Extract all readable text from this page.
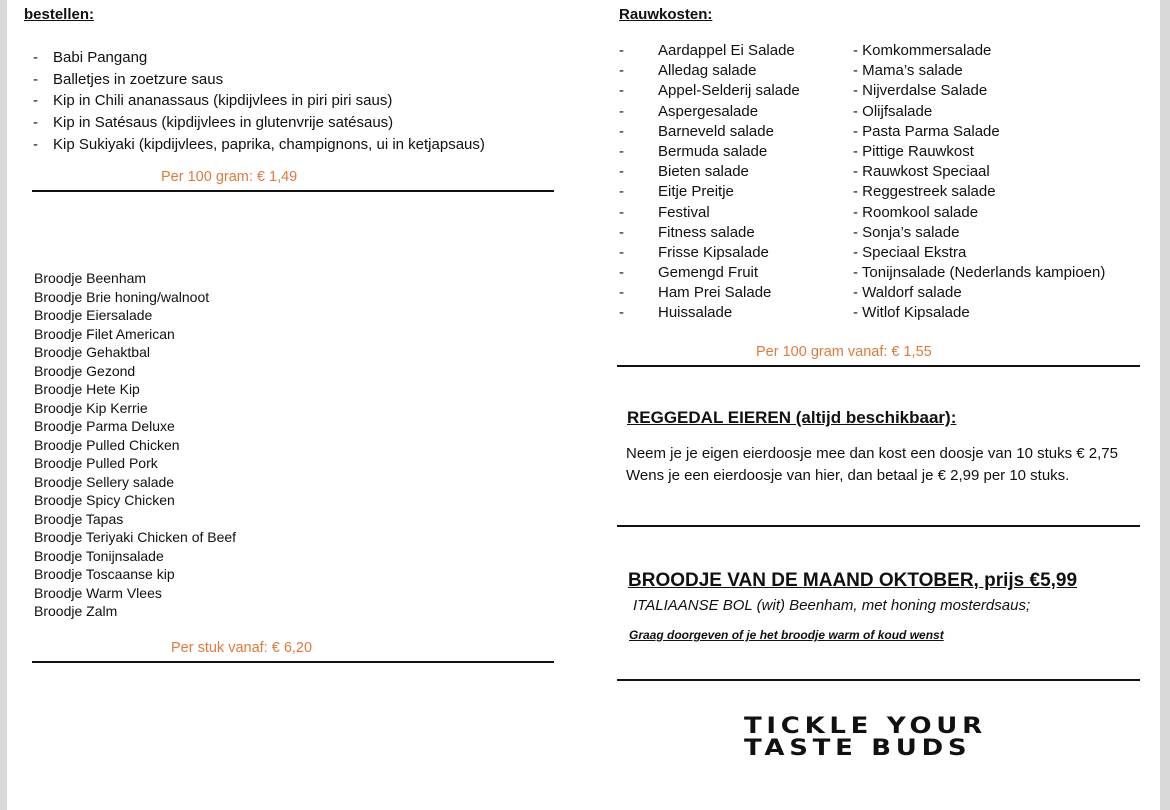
bestellen:
- Babi Pangang
- Balletjes in zoetzure saus
- Kip in Chili ananassaus (kipdijvlees in piri piri saus)
- Kip in Satésaus (kipdijvlees in glutenvrije satésaus)
- Kip Sukiyaki (kipdijvlees, paprika, champignons, ui in ketjapsaus)
Per 100 gram: € 1,49
Broodje Beenham
Broodje Brie honing/walnoot
Broodje Eiersalade
Broodje Filet American
Broodje Gehaktbal
Broodje Gezond
Broodje Hete Kip
Broodje Kip Kerrie
Broodje Parma Deluxe
Broodje Pulled Chicken
Broodje Pulled Pork
Broodje Sellery salade
Broodje Spicy Chicken
Broodje Tapas
Broodje Teriyaki Chicken of Beef
Broodje Tonijnsalade
Broodje Toscaanse kip
Broodje Warm Vlees
Broodje Zalm
Per stuk vanaf: € 6,20
Rauwkosten:
-
-
-
-
-
-
-
-
-
-
-
-
-
-
Aardappel Ei Salade
Alledag salade
Appel-Selderij salade
Aspergesalade
Barneveld salade
Bermuda salade
Bieten salade
Eitje Preitje
Festival
Fitness salade
Frisse Kipsalade
Gemengd Fruit
Ham Prei Salade
Huissalade
- Komkommersalade
- Mama’s salade
- Nijverdalse Salade
- Olijfsalade
- Pasta Parma Salade
- Pittige Rauwkost
- Rauwkost Speciaal
- Reggestreek salade
- Roomkool salade
- Sonja’s salade
- Speciaal Ekstra
- Tonijnsalade (Nederlands kampioen)
- Waldorf salade
- Witlof Kipsalade
Per 100 gram vanaf: € 1,55
REGGEDAL EIEREN (altijd beschikbaar):
Neem je je eigen eierdoosje mee dan kost een doosje van 10 stuks € 2,75
Wens je een eierdoosje van hier, dan betaal je € 2,99 per 10 stuks.
BROODJE VAN DE MAAND OKTOBER, prijs €5,99
ITALIAANSE BOL (wit) Beenham, met honing mosterdsaus;
Graag doorgeven of je het broodje warm of koud wenst
TICKLE YOUR
TASTE BUDS
